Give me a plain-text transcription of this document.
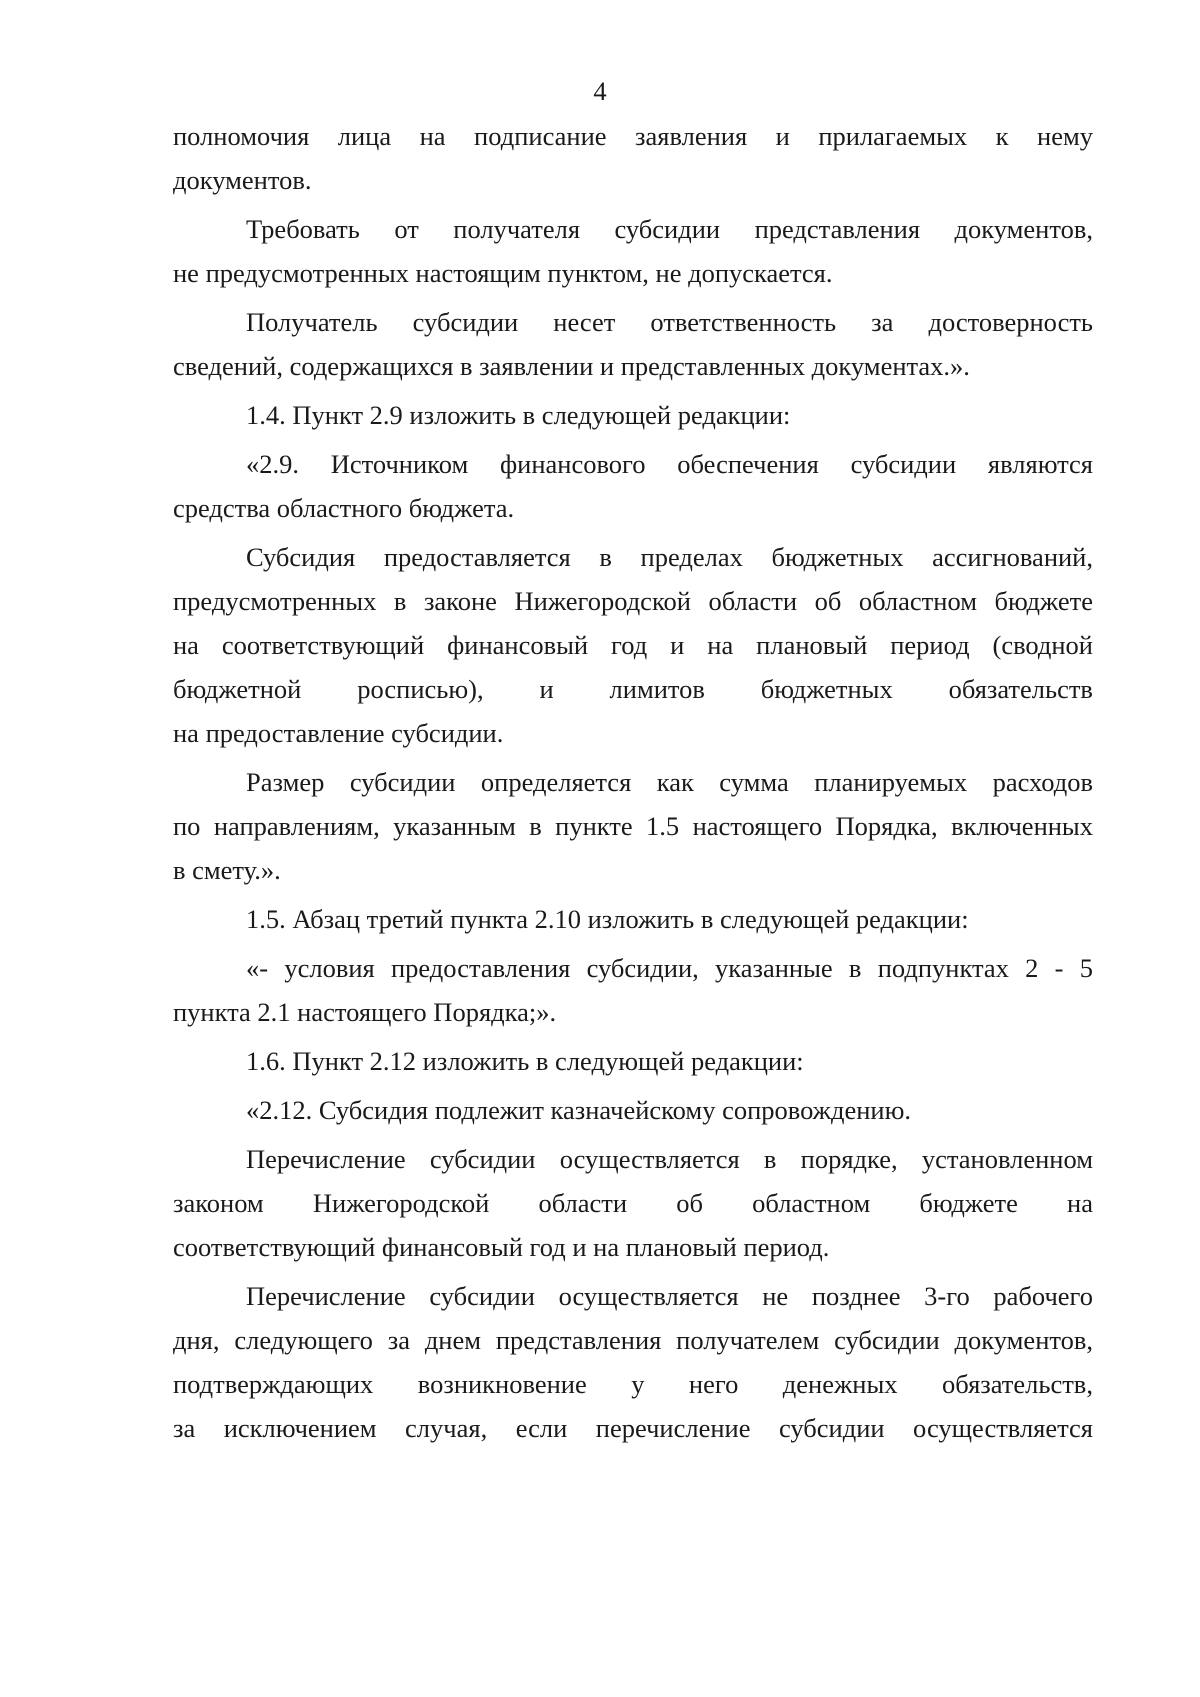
4
полномочия лица на подписание заявления и прилагаемых к нему
документов.
Требовать от получателя субсидии представления документов,
не предусмотренных настоящим пунктом, не допускается.
Получатель субсидии несет ответственность за достоверность
сведений, содержащихся в заявлении и представленных документах.».
1.4. Пункт 2.9 изложить в следующей редакции:
«2.9. Источником финансового обеспечения субсидии являются
средства областного бюджета.
Субсидия предоставляется в пределах бюджетных ассигнований,
предусмотренных в законе Нижегородской области об областном бюджете
на соответствующий финансовый год и на плановый период (сводной
бюджетной росписью), и лимитов бюджетных обязательств
на предоставление субсидии.
Размер субсидии определяется как сумма планируемых расходов
по направлениям, указанным в пункте 1.5 настоящего Порядка, включенных
в смету.».
1.5. Абзац третий пункта 2.10 изложить в следующей редакции:
«- условия предоставления субсидии, указанные в подпунктах 2 - 5
пункта 2.1 настоящего Порядка;».
1.6. Пункт 2.12 изложить в следующей редакции:
«2.12. Субсидия подлежит казначейскому сопровождению.
Перечисление субсидии осуществляется в порядке, установленном
законом Нижегородской области об областном бюджете на
соответствующий финансовый год и на плановый период.
Перечисление субсидии осуществляется не позднее 3-го рабочего
дня, следующего за днем представления получателем субсидии документов,
подтверждающих возникновение у него денежных обязательств,
за исключением случая, если перечисление субсидии осуществляется
